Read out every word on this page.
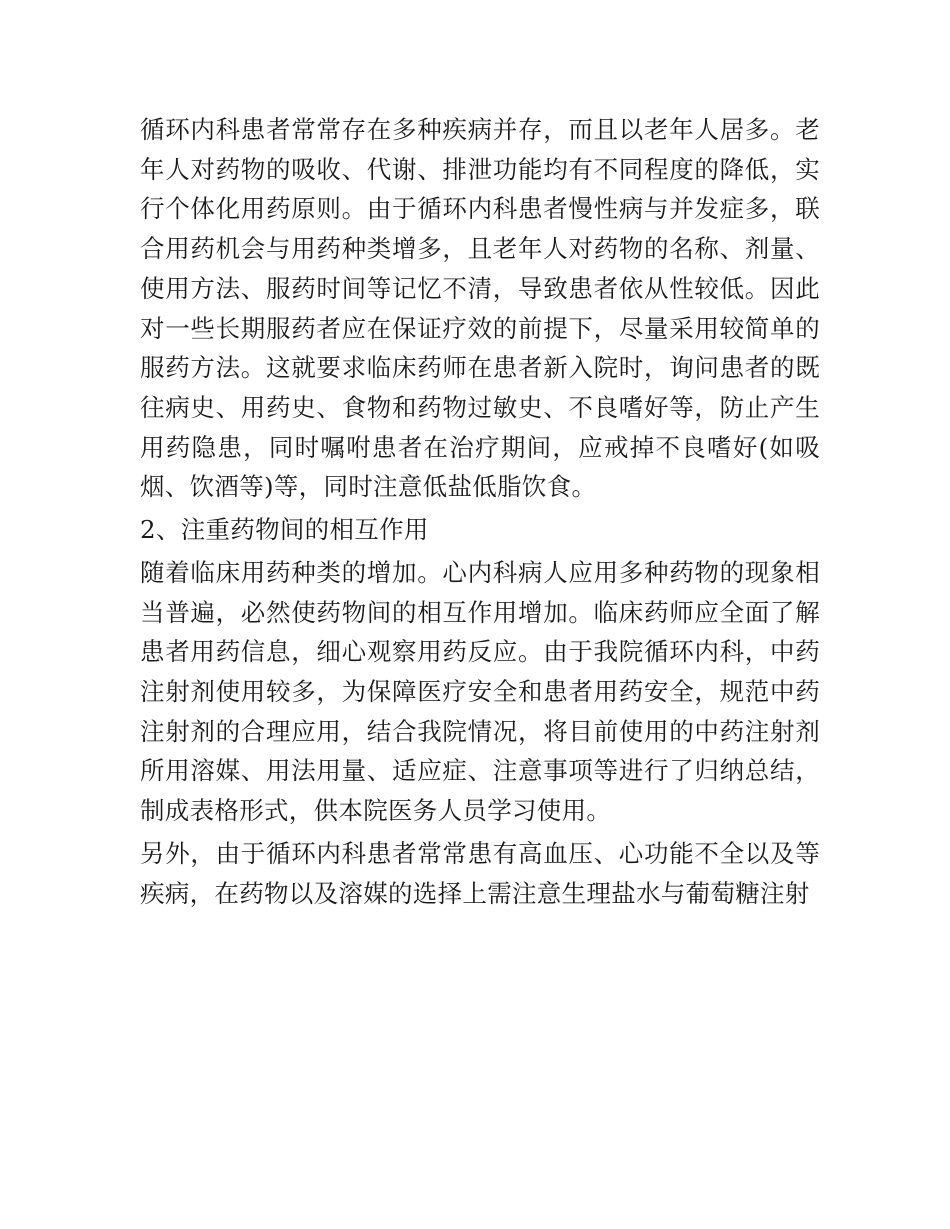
循环内科患者常常存在多种疾病并存，而且以老年人居多。老年人对药物的吸收、代谢、排泄功能均有不同程度的降低，实行个体化用药原则。由于循环内科患者慢性病与并发症多，联合用药机会与用药种类增多，且老年人对药物的名称、剂量、使用方法、服药时间等记忆不清，导致患者依从性较低。因此对一些长期服药者应在保证疗效的前提下，尽量采用较简单的服药方法。这就要求临床药师在患者新入院时，询问患者的既往病史、用药史、食物和药物过敏史、不良嗜好等，防止产生用药隐患，同时嘱咐患者在治疗期间，应戒掉不良嗜好(如吸烟、饮酒等)等，同时注意低盐低脂饮食。

2、注重药物间的相互作用

随着临床用药种类的增加。心内科病人应用多种药物的现象相当普遍，必然使药物间的相互作用增加。临床药师应全面了解患者用药信息，细心观察用药反应。由于我院循环内科，中药注射剂使用较多，为保障医疗安全和患者用药安全，规范中药注射剂的合理应用，结合我院情况，将目前使用的中药注射剂所用溶媒、用法用量、适应症、注意事项等进行了归纳总结，制成表格形式，供本院医务人员学习使用。

另外，由于循环内科患者常常患有高血压、心功能不全以及等疾病，在药物以及溶媒的选择上需注意生理盐水与葡萄糖注射
